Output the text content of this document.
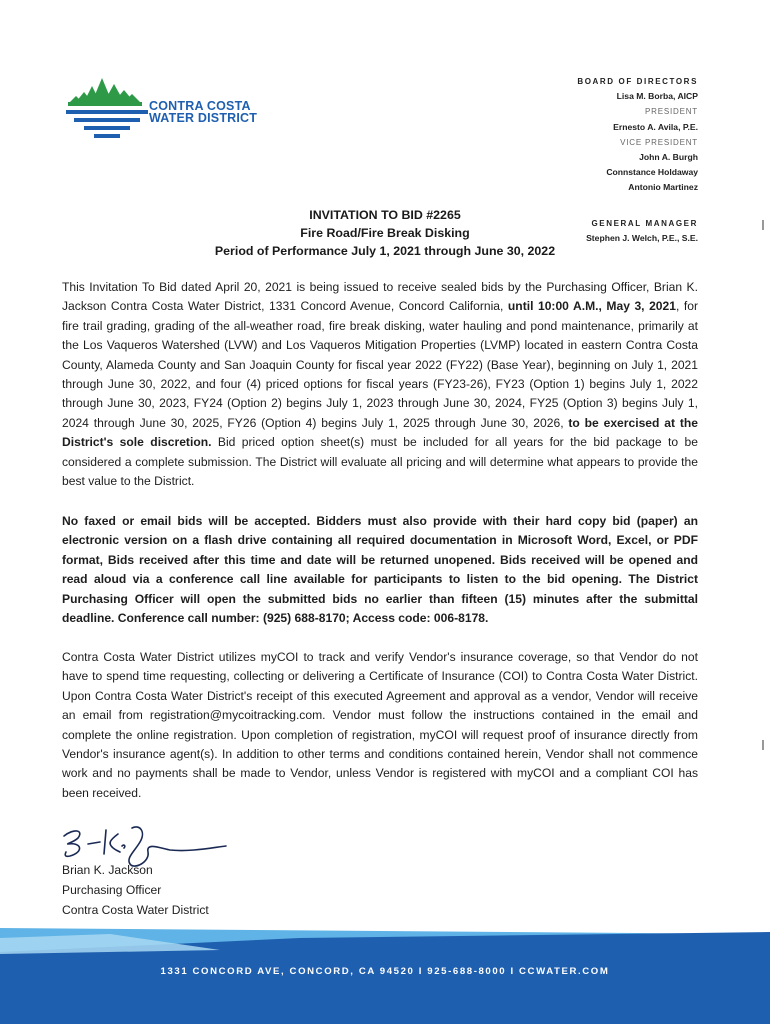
CONTRA COSTA
WATER DISTRICT
BOARD OF DIRECTORS
Lisa M. Borba, AICP
PRESIDENT
Ernesto A. Avila, P.E.
VICE PRESIDENT
John A. Burgh
Connstance Holdaway
Antonio Martinez
GENERAL MANAGER
Stephen J. Welch, P.E., S.E.
INVITATION TO BID #2265
Fire Road/Fire Break Disking
Period of Performance July 1, 2021 through June 30, 2022

This Invitation To Bid dated April 20, 2021 is being issued to receive sealed bids by the Purchasing Officer, Brian K. Jackson Contra Costa Water District, 1331 Concord Avenue, Concord California, until 10:00 A.M., May 3, 2021, for fire trail grading, grading of the all-weather road, fire break disking, water hauling and pond maintenance, primarily at the Los Vaqueros Watershed (LVW) and Los Vaqueros Mitigation Properties (LVMP) located in eastern Contra Costa County, Alameda County and San Joaquin County for fiscal year 2022 (FY22) (Base Year), beginning on July 1, 2021 through June 30, 2022, and four (4) priced options for fiscal years (FY23-26), FY23 (Option 1) begins July 1, 2022 through June 30, 2023, FY24 (Option 2) begins July 1, 2023 through June 30, 2024, FY25 (Option 3) begins July 1, 2024 through June 30, 2025, FY26 (Option 4) begins July 1, 2025 through June 30, 2026, to be exercised at the District's sole discretion. Bid priced option sheet(s) must be included for all years for the bid package to be considered a complete submission. The District will evaluate all pricing and will determine what appears to provide the best value to the District.

No faxed or email bids will be accepted. Bidders must also provide with their hard copy bid (paper) an electronic version on a flash drive containing all required documentation in Microsoft Word, Excel, or PDF format, Bids received after this time and date will be returned unopened. Bids received will be opened and read aloud via a conference call line available for participants to listen to the bid opening. The District Purchasing Officer will open the submitted bids no earlier than fifteen (15) minutes after the submittal deadline. Conference call number: (925) 688-8170; Access code: 006-8178.

Contra Costa Water District utilizes myCOI to track and verify Vendor's insurance coverage, so that Vendor do not have to spend time requesting, collecting or delivering a Certificate of Insurance (COI) to Contra Costa Water District. Upon Contra Costa Water District's receipt of this executed Agreement and approval as a vendor, Vendor will receive an email from registration@mycoitracking.com. Vendor must follow the instructions contained in the email and complete the online registration. Upon completion of registration, myCOI will request proof of insurance directly from Vendor's insurance agent(s). In addition to other terms and conditions contained herein, Vendor shall not commence work and no payments shall be made to Vendor, unless Vendor is registered with myCOI and a compliant COI has been received.

Brian K. Jackson
Purchasing Officer
Contra Costa Water District
1331 CONCORD AVE, CONCORD, CA 94520 I 925-688-8000 I CCWATER.COM
